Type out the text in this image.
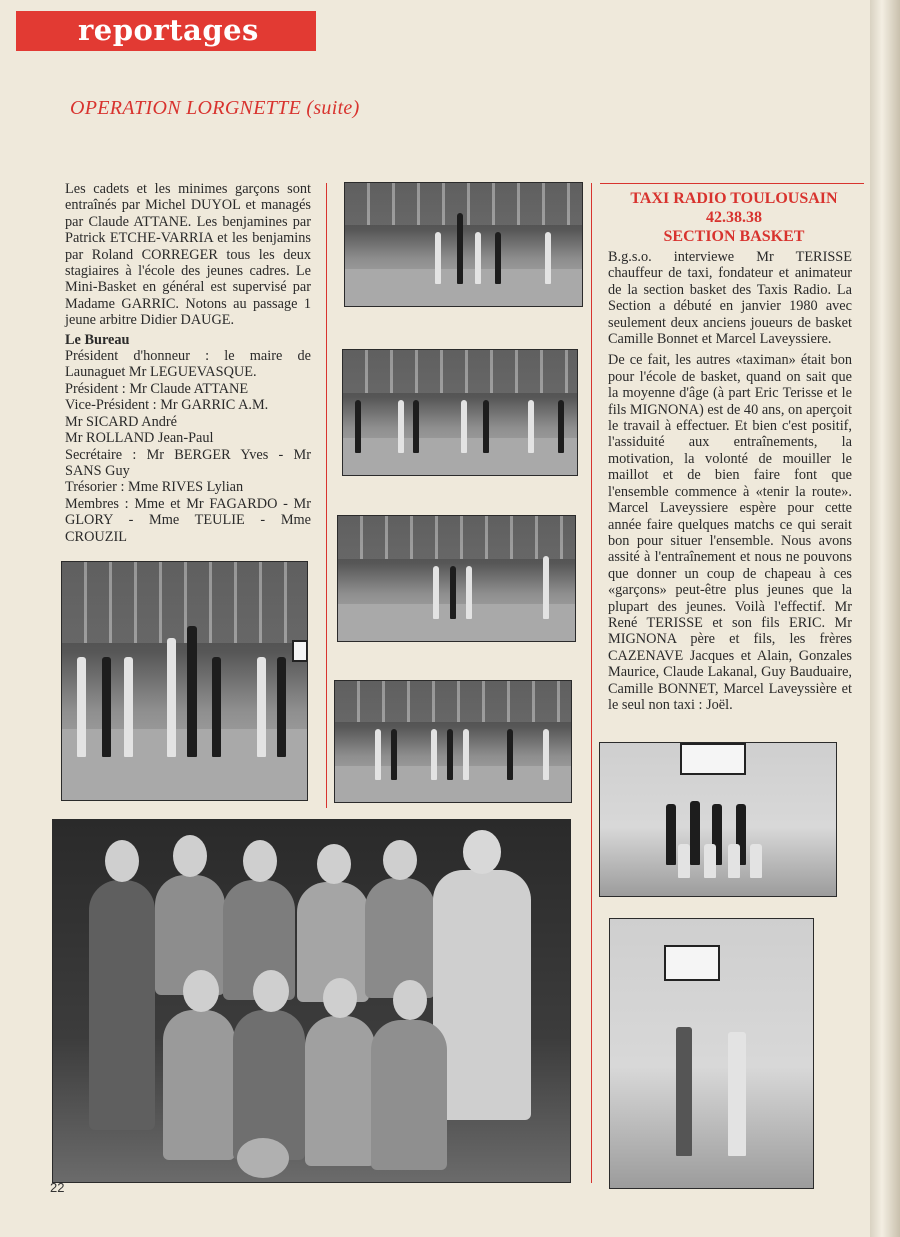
reportages
OPERATION LORGNETTE (suite)

Les cadets et les minimes garçons sont entraînés par Michel DUYOL et managés par Claude ATTANE. Les benjamines par Patrick ETCHE-VARRIA et les benjamins par Roland CORREGER tous les deux stagiaires à l'école des jeunes cadres. Le Mini-Basket en général est supervisé par Madame GARRIC. Notons au passage 1 jeune arbitre Didier DAUGE.

Le Bureau

Président d'honneur : le maire de Launaguet Mr LEGUEVASQUE.

Président : Mr Claude ATTANE

Vice-Président : Mr GARRIC A.M.

Mr SICARD André

Mr ROLLAND Jean-Paul

Secrétaire : Mr BERGER Yves - Mr SANS Guy

Trésorier : Mme RIVES Lylian

Membres : Mme et Mr FAGARDO - Mr GLORY - Mme TEULIE - Mme CROUZIL

TAXI RADIO TOULOUSAIN
42.38.38
SECTION BASKET

B.g.s.o. interviewe Mr TERISSE chauffeur de taxi, fondateur et animateur de la section basket des Taxis Radio. La Section a débuté en janvier 1980 avec seulement deux anciens joueurs de basket Camille Bonnet et Marcel Laveyssiere.

De ce fait, les autres «taximan» était bon pour l'école de basket, quand on sait que la moyenne d'âge (à part Eric Terisse et le fils MIGNONA) est de 40 ans, on aperçoit le travail à effectuer. Et bien c'est positif, l'assiduité aux entraînements, la motivation, la volonté de mouiller le maillot et de bien faire font que l'ensemble commence à «tenir la route». Marcel Laveyssiere espère pour cette année faire quelques matchs ce qui serait bon pour situer l'ensemble. Nous avons assité à l'entraînement et nous ne pouvons que donner un coup de chapeau à ces «garçons» peut-être plus jeunes que la plupart des jeunes. Voilà l'effectif. Mr René TERISSE et son fils ERIC. Mr MIGNONA père et fils, les frères CAZENAVE Jacques et Alain, Gonzales Maurice, Claude Lakanal, Guy Bauduaire, Camille BONNET, Marcel Laveyssière et le seul non taxi : Joël.

22
